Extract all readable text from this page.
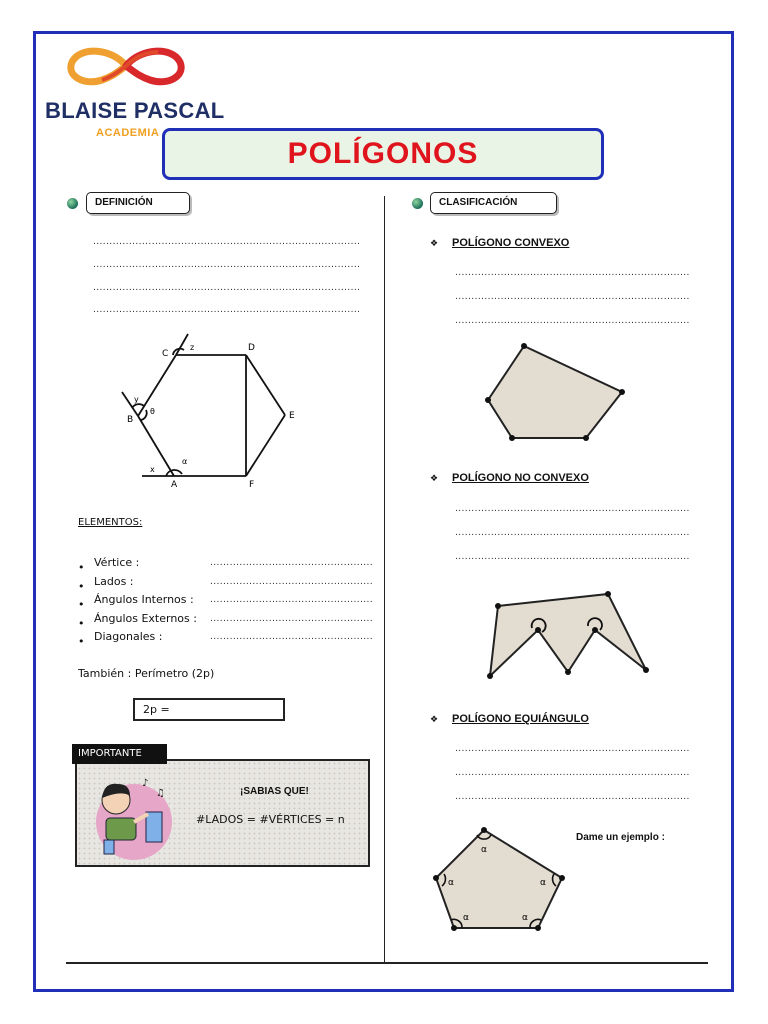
BLAISE PASCAL
ACADEMIA
POLÍGONOS
DEFINICIÓN
..................................................................................
..................................................................................
..................................................................................
..................................................................................
C
D
E
F
A
B
z
y
θ
x
α
ELEMENTOS:
• Vértice :	..................................................
• Lados :	..................................................
• Ángulos Internos : ..................................................
• Ángulos Externos : ..................................................
• Diagonales :	..................................................
También : Perímetro (2p)
2p =
IMPORTANTE
♪
♫	¡SABIAS QUE!
#LADOS = #VÉRTICES = n
CLASIFICACIÓN
❖ POLÍGONO CONVEXO
........................................................................
........................................................................
........................................................................
❖ POLÍGONO NO CONVEXO
........................................................................
........................................................................
........................................................................
❖ POLÍGONO EQUIÁNGULO
........................................................................
........................................................................
........................................................................
Dame un ejemplo :
α
α
α
α
α
